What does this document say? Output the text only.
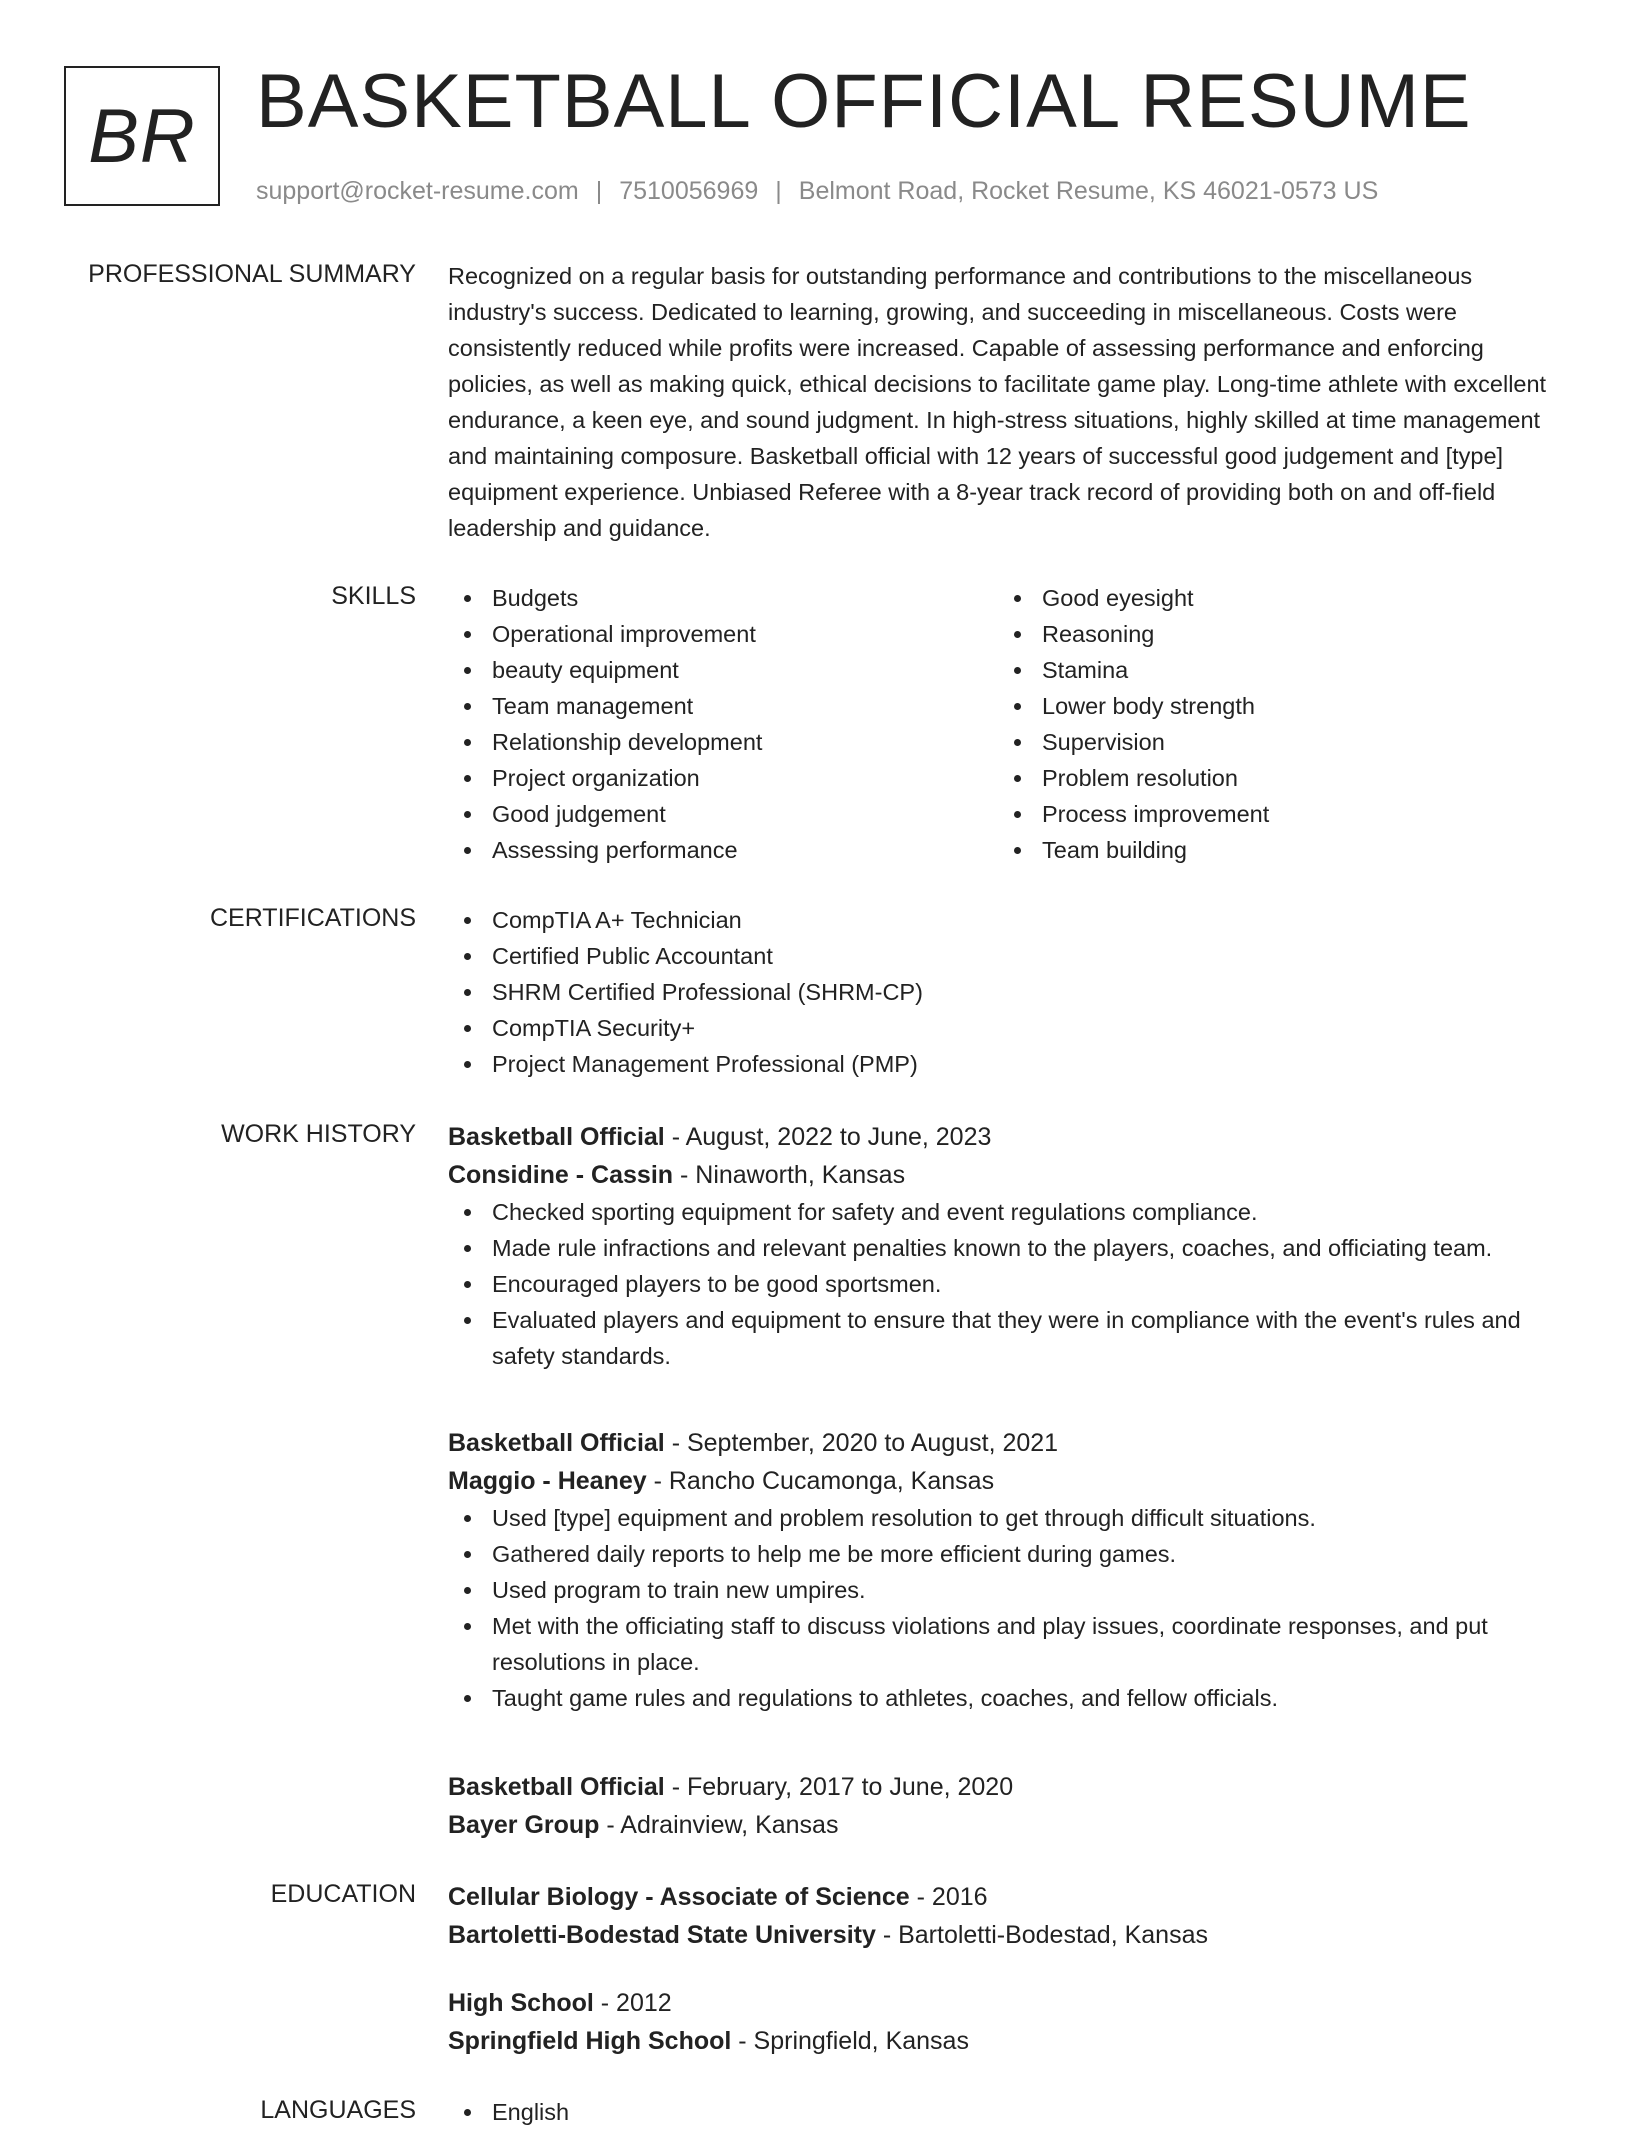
BR BASKETBALL OFFICIAL RESUME
support@rocket-resume.com | 7510056969 | Belmont Road, Rocket Resume, KS 46021-0573 US
PROFESSIONAL SUMMARY Recognized on a regular basis for outstanding performance and contributions to the miscellaneous industry's success. Dedicated to learning, growing, and succeeding in miscellaneous. Costs were consistently reduced while profits were increased. Capable of assessing performance and enforcing policies, as well as making quick, ethical decisions to facilitate game play. Long-time athlete with excellent endurance, a keen eye, and sound judgment. In high-stress situations, highly skilled at time management and maintaining composure. Basketball official with 12 years of successful good judgement and [type] equipment experience. Unbiased Referee with a 8-year track record of providing both on and off-field leadership and guidance.

SKILLS	Budgets
Operational improvement
beauty equipment
Team management
Relationship development
Project organization
Good judgement
Assessing performance
Good eyesight
Reasoning
Stamina
Lower body strength
Supervision
Problem resolution
Process improvement
Team building
CERTIFICATIONS	CompTIA A+ Technician
Certified Public Accountant
SHRM Certified Professional (SHRM-CP)
CompTIA Security+
Project Management Professional (PMP)
WORK HISTORY Basketball Official - August, 2022 to June, 2023
Considine - Cassin - Ninaworth, Kansas
Checked sporting equipment for safety and event regulations compliance.
Made rule infractions and relevant penalties known to the players, coaches, and officiating team.
Encouraged players to be good sportsmen.
Evaluated players and equipment to ensure that they were in compliance with the event's rules and safety standards.
Basketball Official - September, 2020 to August, 2021
Maggio - Heaney - Rancho Cucamonga, Kansas
Used [type] equipment and problem resolution to get through difficult situations.
Gathered daily reports to help me be more efficient during games.
Used program to train new umpires.
Met with the officiating staff to discuss violations and play issues, coordinate responses, and put resolutions in place.
Taught game rules and regulations to athletes, coaches, and fellow officials.
Basketball Official - February, 2017 to June, 2020
Bayer Group - Adrainview, Kansas
EDUCATION Cellular Biology - Associate of Science - 2016
Bartoletti-Bodestad State University - Bartoletti-Bodestad, Kansas
High School - 2012
Springfield High School - Springfield, Kansas
LANGUAGES	English
